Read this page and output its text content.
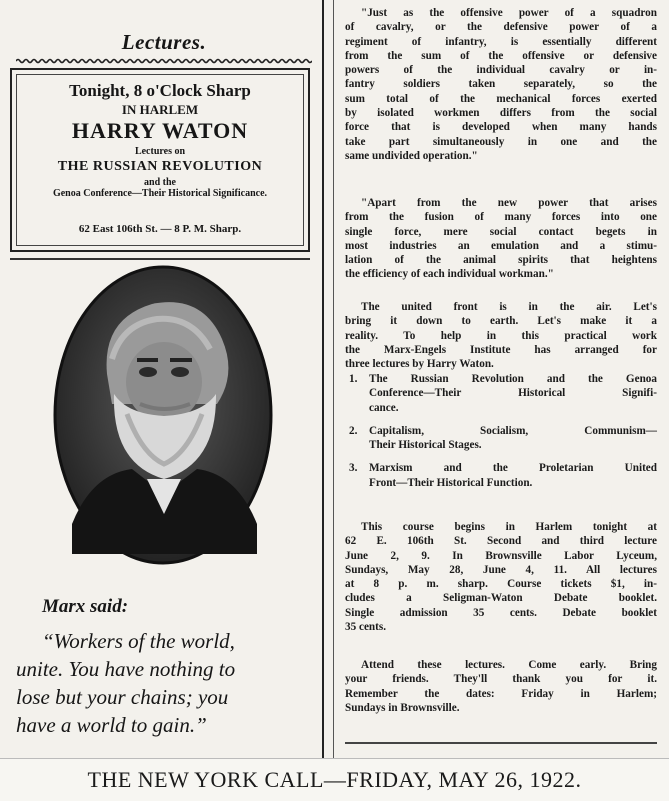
Lectures.
Tonight, 8 o'Clock Sharp
IN HARLEM
HARRY WATON
Lectures on
THE RUSSIAN REVOLUTION
and the
Genoa Conference—Their Historical Significance.
62 East 106th St. — 8 P. M. Sharp.
Marx said:
“Workers of the world,
unite. You have nothing to
lose but your chains; you
have a world to gain.”
"Just as the offensive power of a squadron
of cavalry, or the defensive power of a
regiment of infantry, is essentially different
from the sum of the offensive or defensive
powers of the individual cavalry or in-
fantry soldiers taken separately, so the
sum total of the mechanical forces exerted
by isolated workmen differs from the social
force that is developed when many hands
take part simultaneously in one and the
same undivided operation."
"Apart from the new power that arises
from the fusion of many forces into one
single force, mere social contact begets in
most industries an emulation and a stimu-
lation of the animal spirits that heightens
the efficiency of each individual workman."
The united front is in the air. Let's
bring it down to earth. Let's make it a
reality. To help in this practical work
the Marx-Engels Institute has arranged for
three lectures by Harry Waton.
1. The Russian Revolution and the Genoa
Conference—Their Historical Signifi-
cance.
2. Capitalism, Socialism, Communism—
Their Historical Stages.
3. Marxism and the Proletarian United
Front—Their Historical Function.
This course begins in Harlem tonight at
62 E. 106th St. Second and third lecture
June 2, 9. In Brownsville Labor Lyceum,
Sundays, May 28, June 4, 11. All lectures
at 8 p. m. sharp. Course tickets $1, in-
cludes a Seligman-Waton Debate booklet.
Single admission 35 cents. Debate booklet
35 cents.
Attend these lectures. Come early. Bring
your friends. They'll thank you for it.
Remember the dates: Friday in Harlem;
Sundays in Brownsville.
THE NEW YORK CALL—FRIDAY, MAY 26, 1922.
